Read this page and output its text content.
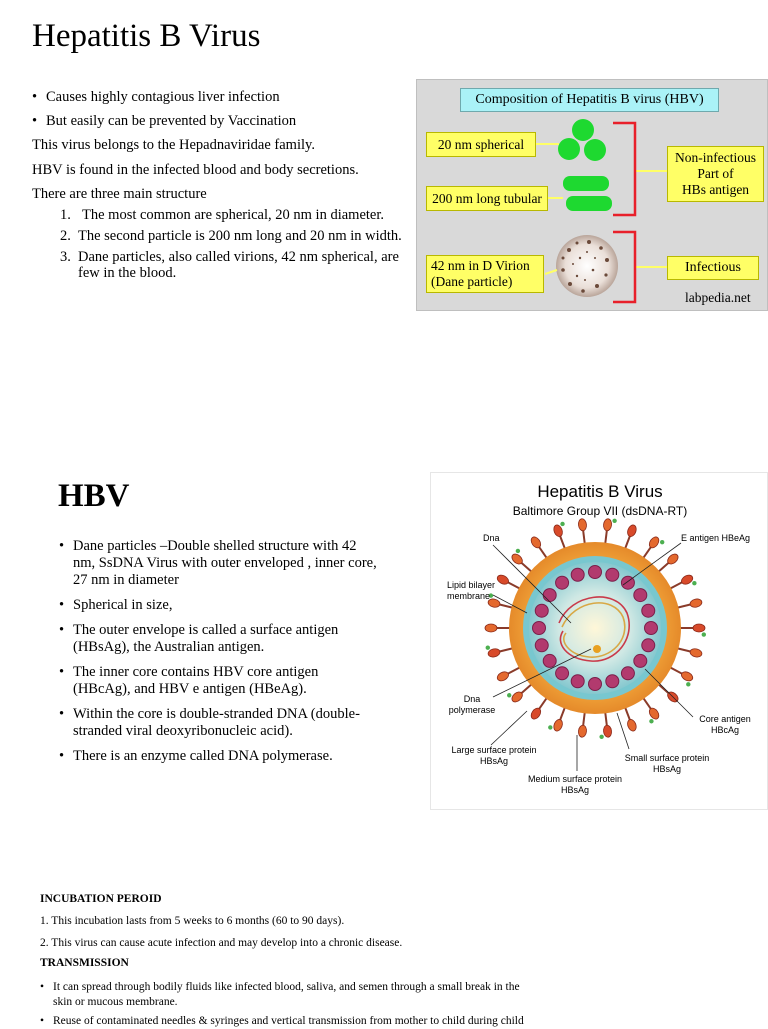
Hepatitis B Virus
• Causes highly contagious liver infection
• But easily can be prevented by Vaccination
This virus belongs to the Hepadnaviridae family.
HBV is found in the infected blood and body secretions.
There are three main structure
1. The most common are spherical, 20 nm in diameter.
2. The second particle is 200 nm long and 20 nm in width.
3. Dane particles, also called virions, 42 nm spherical, are
few in the blood.
Composition of Hepatitis B virus (HBV)
20 nm spherical
200 nm long tubular
42 nm in D Virion
(Dane particle)
Non-infectious
Part of
HBs antigen
Infectious
labpedia.net
HBV
• Dane particles –Double shelled structure with 42
nm, SsDNA Virus with outer enveloped , inner core,
27 nm in diameter
• Spherical in size,
• The outer envelope is called a surface antigen
(HBsAg), the Australian antigen.
• The inner core contains HBV core antigen
(HBcAg), and HBV e antigen (HBeAg).
• Within the core is double-stranded DNA (double-
stranded viral deoxyribonucleic acid).
• There is an enzyme called DNA polymerase.
Hepatitis B Virus
Baltimore Group VII (dsDNA-RT)
Dna	E antigen HBeAg
Lipid bilayer
membrane
Dna
polymerase
Core antigen
HBcAg
Large surface protein
HBsAg	Small surface protein
HBsAg
Medium surface protein
HBsAg
INCUBATION PEROID
1. This incubation lasts from 5 weeks to 6 months (60 to 90 days).
2. This virus can cause acute infection and may develop into a chronic disease.
TRANSMISSION
• It can spread through bodily fluids like infected blood, saliva, and semen through a small break in the
skin or mucous membrane.
• Reuse of contaminated needles & syringes and vertical transmission from mother to child during child
